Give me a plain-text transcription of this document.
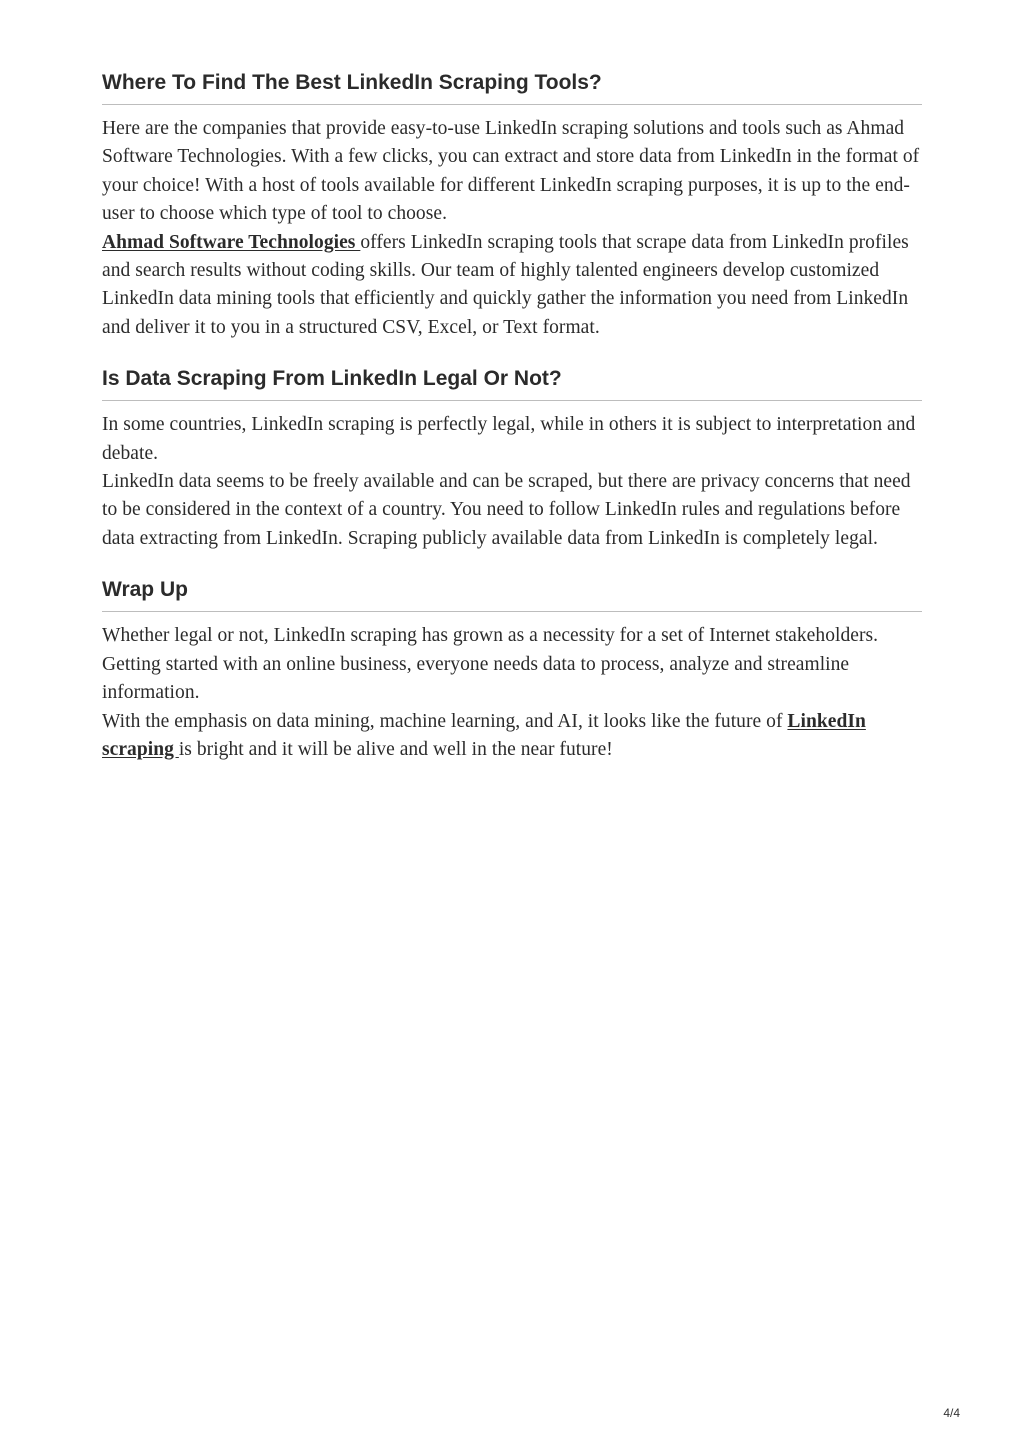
Where To Find The Best LinkedIn Scraping Tools?

Here are the companies that provide easy-to-use LinkedIn scraping solutions and tools such as Ahmad Software Technologies. With a few clicks, you can extract and store data from LinkedIn in the format of your choice! With a host of tools available for different LinkedIn scraping purposes, it is up to the end-user to choose which type of tool to choose.

Ahmad Software Technologies offers LinkedIn scraping tools that scrape data from LinkedIn profiles and search results without coding skills. Our team of highly talented engineers develop customized LinkedIn data mining tools that efficiently and quickly gather the information you need from LinkedIn and deliver it to you in a structured CSV, Excel, or Text format.

Is Data Scraping From LinkedIn Legal Or Not?

In some countries, LinkedIn scraping is perfectly legal, while in others it is subject to interpretation and debate.

LinkedIn data seems to be freely available and can be scraped, but there are privacy concerns that need to be considered in the context of a country. You need to follow LinkedIn rules and regulations before data extracting from LinkedIn. Scraping publicly available data from LinkedIn is completely legal.

Wrap Up

Whether legal or not, LinkedIn scraping has grown as a necessity for a set of Internet stakeholders. Getting started with an online business, everyone needs data to process, analyze and streamline information.

With the emphasis on data mining, machine learning, and AI, it looks like the future of LinkedIn scraping is bright and it will be alive and well in the near future!

4/4
